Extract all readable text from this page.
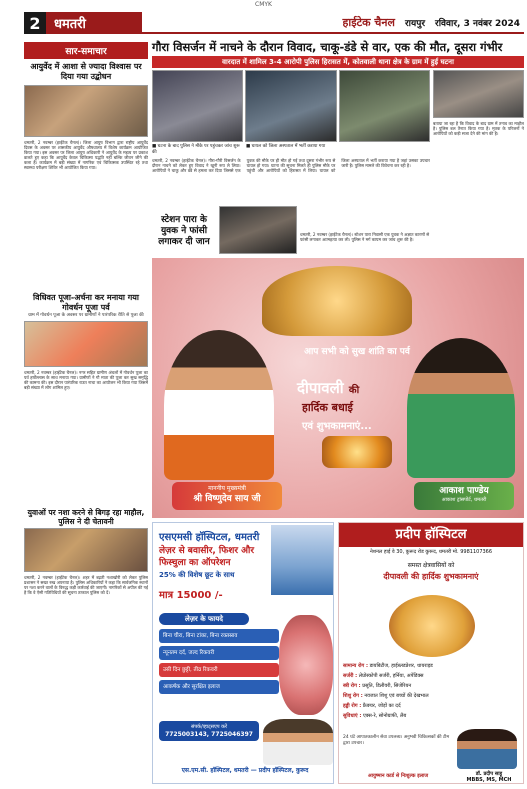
CMYK
2	धमतरी	हाईटेक चैनल रायपुर रविवार, 3 नवंबर 2024
सार-समाचार
आयुर्वेद में आशा से ज्यादा विश्वास पर दिया गया उद्बोधन
धमतरी, 2 नवम्बर (हाईटेक चैनल)। जिला आयुष विभाग द्वारा राष्ट्रीय आयुर्वेद दिवस के अवसर पर शासकीय आयुर्वेद औषधालय में विशेष कार्यक्रम आयोजित किया गया। इस अवसर पर जिला आयुष अधिकारी ने आयुर्वेद के महत्व पर प्रकाश डालते हुए कहा कि आयुर्वेद केवल चिकित्सा पद्धति नहीं बल्कि जीवन जीने की कला है। कार्यक्रम में बड़ी संख्या में नागरिक एवं चिकित्सक उपस्थित रहे तथा स्वास्थ्य परीक्षण शिविर भी आयोजित किया गया।
विधिवत पूजा-अर्चना कर मनाया गया गोवर्धन पूजा पर्व
ग्राम में गोवर्धन पूजा के अवसर पर ग्रामीणों ने पारंपरिक रीति से पूजा की
धमतरी, 2 नवम्बर (हाईटेक चैनल)। नगर सहित ग्रामीण अंचलों में गोवर्धन पूजा का पर्व हर्षोल्लास के साथ मनाया गया। ग्रामीणों ने गौ माता की पूजा कर सुख समृद्धि की कामना की। इस दौरान पारंपरिक राउत नाचा का आयोजन भी किया गया जिसमें बड़ी संख्या में लोग शामिल हुए।
युवाओं पर नशा करने से बिगड़ रहा माहौल, पुलिस ने दी चेतावनी
धमतरी, 2 नवम्बर (हाईटेक चैनल)। शहर में बढ़ती नशाखोरी को लेकर पुलिस प्रशासन ने सख्त रुख अपनाया है। पुलिस अधिकारियों ने कहा कि सार्वजनिक स्थानों पर नशा करने वालों के विरुद्ध कड़ी कार्रवाई की जाएगी। नागरिकों से अपील की गई है कि वे ऐसी गतिविधियों की सूचना तत्काल पुलिस को दें।
गौरा विसर्जन में नाचने के दौरान विवाद, चाकू-डंडे से वार, एक की मौत, दूसरा गंभीर
वारदात में शामिल 3-4 आरोपी पुलिस हिरासत में, कोतवाली थाना क्षेत्र के ग्राम में हुई घटना
बताया जा रहा है कि विवाद के बाद ग्राम में तनाव का माहौल है। पुलिस बल तैनात किया गया है। मृतक के परिजनों ने आरोपियों को कड़ी सजा देने की मांग की है।
■ घटना के बाद पुलिस ने मौके पर पहुंचकर जांच शुरू की
■ घायल को जिला अस्पताल में भर्ती कराया गया
धमतरी, 2 नवम्बर (हाईटेक चैनल)। गौरा-गौरी विसर्जन के दौरान नाचने को लेकर हुए विवाद ने खूनी रूप ले लिया। आरोपियों ने चाकू और डंडे से हमला कर दिया जिससे एक युवक की मौके पर ही मौत हो गई तथा दूसरा गंभीर रूप से घायल हो गया। घटना की सूचना मिलते ही पुलिस मौके पर पहुंची और आरोपियों को हिरासत में लिया। घायल को जिला अस्पताल में भर्ती कराया गया है जहां उसका उपचार जारी है। पुलिस मामले की विवेचना कर रही है।
स्टेशन पारा के युवक ने फांसी लगाकर दी जान
धमतरी, 2 नवम्बर (हाईटेक चैनल)। स्टेशन पारा निवासी एक युवक ने अज्ञात कारणों से फांसी लगाकर आत्महत्या कर ली। पुलिस ने मर्ग कायम कर जांच शुरू की है।
आप सभी को सुख शांति का पर्व
दीपावली की
हार्दिक बधाई
एवं शुभकामनाएं...
माननीय मुख्यमंत्री
श्री विष्णुदेव साय जी
आकाश पाण्डेय
आकाश ट्रांसपोर्ट, धमतरी
एसएमसी हॉस्पिटल, धमतरी
लेज़र से बवासीर, फिशर और फिस्चुला का ऑपरेशन
25% की विशेष छूट के साथ
मात्र 15000 /-
लेज़र के फायदे
बिना चीरा, बिना टांका, बिना रक्तस्राव
न्यूनतम दर्द, जल्द रिकवरी
उसी दिन छुट्टी, तीव्र रिकवरी
आकर्षक और सुरक्षित इलाज
संपर्क/व्हाट्सएप करें
7725003143, 7725046397
एस.एम.सी. हॉस्पिटल, धमतरी — प्रदीप हॉस्पिटल, कुरूद
प्रदीप हॉस्पिटल
नेशनल हाई वे 30, कुरूद रोड कुरूद, धमतरी मो. 9981107366
समस्त क्षेत्रवासियों को
दीपावली की हार्दिक शुभकामनाएं
सामान्य रोग : डायबिटीज, हाईब्लडप्रेशर, थायराइड
सर्जरी : लेप्रोस्कोपी सर्जरी, हर्निया, अपेंडिक्स
स्त्री रोग : प्रसूति, डिलीवरी, सिजेरियन
शिशु रोग : नवजात शिशु एवं बच्चों की देखभाल
हड्डी रोग : फ्रैक्चर, जोड़ों का दर्द
सुविधाएं : एक्स-रे, सोनोग्राफी, लैब
24 घंटे आपातकालीन सेवा उपलब्ध। अनुभवी चिकित्सकों की टीम द्वारा उपचार।
डॉ. प्रदीप साहू
MBBS, MS, MCH
आयुष्मान कार्ड से निःशुल्क इलाज
